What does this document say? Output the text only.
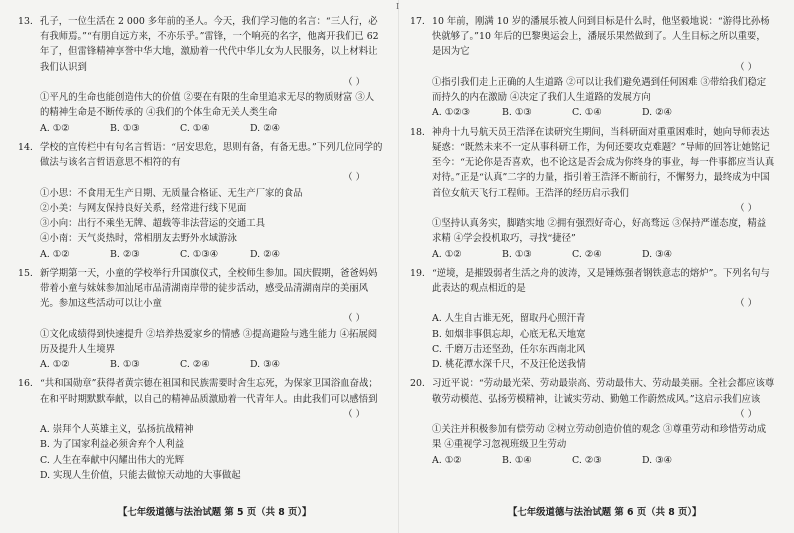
I
13. 孔子，一位生活在 2 000 多年前的圣人。今天，我们学习他的名言：“三人行，必有我师焉。”“有朋自远方来，不亦乐乎。”雷锋，一个响亮的名字，他离开我们已 62 年了，但雷锋精神享誉中华大地，激励着一代代中华儿女为人民服务，以上材料让我们认识到
（ ）
①平凡的生命也能创造伟大的价值 ②要在有限的生命里追求无尽的物质财富 ③人的精神生命是不断传承的 ④我们的个体生命无关人类生命
A. ①②	B. ①③	C. ①④	D. ②④
14. 学校的宣传栏中有句名言哲语：“居安思危，思则有备，有备无患。”下列几位同学的做法与该名言哲语意思不相符的有
（ ）
①小思：不食用无生产日期、无质量合格证、无生产厂家的食品
②小美：与网友保持良好关系，经常进行线下见面
③小向：出行不乘坐无牌、超载等非法营运的交通工具
④小南：天气炎热时，常相朋友去野外水域游泳
A. ①②	B. ②③	C. ①③④	D. ②④
15. 新学期第一天，小童的学校举行升国旗仪式，全校师生参加。国庆假期，爸爸妈妈带着小童与妹妹参加汕尾市品清湖南岸带的徒步活动，感受品清湖南岸的美丽风光。参加这些活动可以让小童
（ ）
①文化成绩得到快速提升 ②培养热爱家乡的情感 ③提高避险与逃生能力 ④拓展阅历及提升人生境界
A. ①②	B. ①③	C. ②④	D. ③④
16. “共和国勋章”获得者黄宗德在祖国和民族需要时舍生忘死，为保家卫国浴血奋战；在和平时期默默奉献，以自己的精神品质激励着一代青年人。由此我们可以感悟到
（ ）
A. 崇拜个人英雄主义，弘扬抗战精神
B. 为了国家利益必须舍弃个人利益
C. 人生在奉献中闪耀出伟大的光辉
D. 实现人生价值，只能去做惊天动地的大事做起
17. 10 年前，刚满 10 岁的潘展乐被人问到目标是什么时，他坚毅地说：“游得比孙杨快就够了。”10 年后的巴黎奥运会上，潘展乐果然做到了。人生目标之所以重要，是因为它
（ ）
①指引我们走上正确的人生道路 ②可以让我们避免遇到任何困难 ③带给我们稳定而持久的内在激励 ④决定了我们人生道路的发展方向
A. ①②③	B. ①③	C. ①④	D. ②④
18. 神舟十九号航天员王浩泽在读研究生期间，当科研面对重重困难时，她向导师表达疑惑：“既然未来不一定从事科研工作，为何还要攻克难题？”导师的回答让她铭记至今：“无论你是否喜欢，也不论这是否会成为你终身的事业，每一件事都应当认真对待。”正是“认真”二字的力量，指引着王浩泽不断前行，不懈努力，最终成为中国首位女航天飞行工程师。王浩泽的经历启示我们
（ ）
①坚持认真务实，脚踏实地 ②拥有强烈好奇心，好高骛远 ③保持严谨态度，精益求精 ④学会投机取巧，寻找“捷径”
A. ①②	B. ①③	C. ②④	D. ③④
19. “逆境，是摧毁弱者生活之舟的波涛，又是锤炼强者钢铁意志的熔炉”。下列名句与此表达的观点相近的是
（ ）
A. 人生自古谁无死，留取丹心照汗青
B. 如烟非事俱忘却，心底无私天地宽
C. 千磨万击还坚劲，任尔东西南北风
D. 桃花潭水深千尺，不及汪伦送我情
20. 习近平说：“劳动最光荣、劳动最崇高、劳动最伟大、劳动最美丽。全社会都应该尊敬劳动模范、弘扬劳模精神，让诚实劳动、勤勉工作蔚然成风。”这启示我们应该
（ ）
①关注并积极参加有偿劳动 ②树立劳动创造价值的观念 ③尊重劳动和珍惜劳动成果 ④重视学习忽视班级卫生劳动
A. ①②	B. ①④	C. ②③	D. ③④
【七年级道德与法治试题 第 5 页（共 8 页）】	【七年级道德与法治试题 第 6 页（共 8 页）】
